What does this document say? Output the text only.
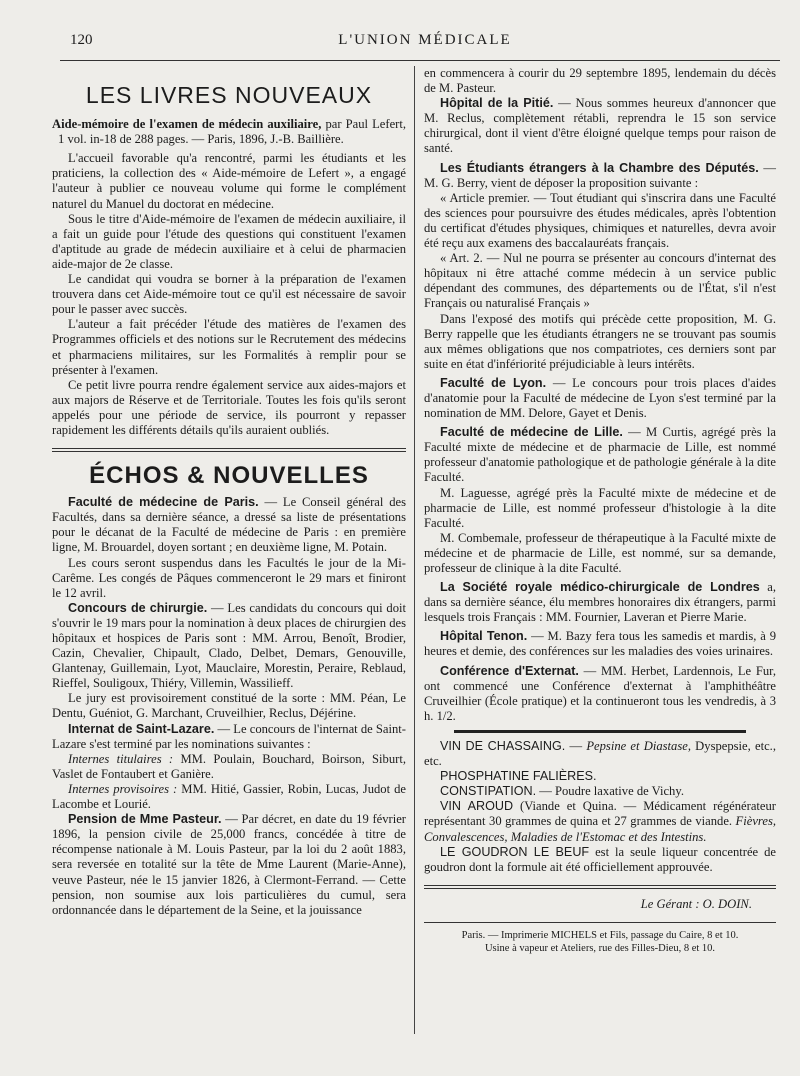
120	L'UNION MÉDICALE
LES LIVRES NOUVEAUX

Aide-mémoire de l'examen de médecin auxiliaire, par Paul Lefert, 1 vol. in-18 de 288 pages. — Paris, 1896, J.-B. Baillière.

L'accueil favorable qu'a rencontré, parmi les étudiants et les praticiens, la collection des « Aide-mémoire de Lefert », a engagé l'auteur à publier ce nouveau volume qui forme le complément naturel du Manuel du doctorat en médecine.

Sous le titre d'Aide-mémoire de l'examen de médecin auxiliaire, il a fait un guide pour l'étude des questions qui constituent l'examen d'aptitude au grade de médecin auxiliaire et à celui de pharmacien aide-major de 2e classe.

Le candidat qui voudra se borner à la préparation de l'examen trouvera dans cet Aide-mémoire tout ce qu'il est nécessaire de savoir pour le passer avec succès.

L'auteur a fait précéder l'étude des matières de l'examen des Programmes officiels et des notions sur le Recrutement des médecins et pharmaciens militaires, sur les Formalités à remplir pour se présenter à l'examen.

Ce petit livre pourra rendre également service aux aides-majors et aux majors de Réserve et de Territoriale. Toutes les fois qu'ils seront appelés pour une période de service, ils pourront y repasser rapidement les différents détails qu'ils auraient oubliés.

ÉCHOS & NOUVELLES

Faculté de médecine de Paris. — Le Conseil général des Facultés, dans sa dernière séance, a dressé sa liste de présentations pour le décanat de la Faculté de médecine de Paris : en première ligne, M. Brouardel, doyen sortant ; en deuxième ligne, M. Potain.

Les cours seront suspendus dans les Facultés le jour de la Mi-Carême. Les congés de Pâques commenceront le 29 mars et finiront le 12 avril.

Concours de chirurgie. — Les candidats du concours qui doit s'ouvrir le 19 mars pour la nomination à deux places de chirurgien des hôpitaux et hospices de Paris sont : MM. Arrou, Benoît, Brodier, Cazin, Chevalier, Chipault, Clado, Delbet, Demars, Genouville, Glantenay, Guillemain, Lyot, Mauclaire, Morestin, Peraire, Reblaud, Rieffel, Souligoux, Thiéry, Villemin, Wassilieff.

Le jury est provisoirement constitué de la sorte : MM. Péan, Le Dentu, Guéniot, G. Marchant, Cruveilhier, Reclus, Déjérine.

Internat de Saint-Lazare. — Le concours de l'internat de Saint-Lazare s'est terminé par les nominations suivantes :

Internes titulaires : MM. Poulain, Bouchard, Boirson, Siburt, Vaslet de Fontaubert et Ganière.

Internes provisoires : MM. Hitié, Gassier, Robin, Lucas, Judot de Lacombe et Lourié.

Pension de Mme Pasteur. — Par décret, en date du 19 février 1896, la pension civile de 25,000 francs, concédée à titre de récompense nationale à M. Louis Pasteur, par la loi du 2 août 1883, sera reversée en totalité sur la tête de Mme Laurent (Marie-Anne), veuve Pasteur, née le 15 janvier 1826, à Clermont-Ferrand. — Cette pension, non soumise aux lois particulières du cumul, sera ordonnancée dans le département de la Seine, et la jouissance

en commencera à courir du 29 septembre 1895, lendemain du décès de M. Pasteur.

Hôpital de la Pitié. — Nous sommes heureux d'annoncer que M. Reclus, complètement rétabli, reprendra le 15 son service chirurgical, dont il vient d'être éloigné quelque temps pour raison de santé.

Les Étudiants étrangers à la Chambre des Députés. — M. G. Berry, vient de déposer la proposition suivante :

« Article premier. — Tout étudiant qui s'inscrira dans une Faculté des sciences pour poursuivre des études médicales, après l'obtention du certificat d'études physiques, chimiques et naturelles, devra avoir été reçu aux examens des baccalauréats français.

« Art. 2. — Nul ne pourra se présenter au concours d'internat des hôpitaux ni être attaché comme médecin à un service public dépendant des communes, des départements ou de l'État, s'il n'est Français ou naturalisé Français »

Dans l'exposé des motifs qui précède cette proposition, M. G. Berry rappelle que les étudiants étrangers ne se trouvant pas soumis aux mêmes obligations que nos compatriotes, ces derniers sont par suite en état d'infériorité préjudiciable à leurs intérêts.

Faculté de Lyon. — Le concours pour trois places d'aides d'anatomie pour la Faculté de médecine de Lyon s'est terminé par la nomination de MM. Delore, Gayet et Denis.

Faculté de médecine de Lille. — M Curtis, agrégé près la Faculté mixte de médecine et de pharmacie de Lille, est nommé professeur d'anatomie pathologique et de pathologie générale à la dite Faculté.

M. Laguesse, agrégé près la Faculté mixte de médecine et de pharmacie de Lille, est nommé professeur d'histologie à la dite Faculté.

M. Combemale, professeur de thérapeutique à la Faculté mixte de médecine et de pharmacie de Lille, est nommé, sur sa demande, professeur de clinique à la dite Faculté.

La Société royale médico-chirurgicale de Londres a, dans sa dernière séance, élu membres honoraires dix étrangers, parmi lesquels trois Français : MM. Fournier, Laveran et Pierre Marie.

Hôpital Tenon. — M. Bazy fera tous les samedis et mardis, à 9 heures et demie, des conférences sur les maladies des voies urinaires.

Conférence d'Externat. — MM. Herbet, Lardennois, Le Fur, ont commencé une Conférence d'externat à l'amphithéâtre Cruveilhier (École pratique) et la continueront tous les vendredis, à 3 h. 1/2.

VIN DE CHASSAING. — Pepsine et Diastase, Dyspepsie, etc., etc.

PHOSPHATINE FALIÈRES.

CONSTIPATION. — Poudre laxative de Vichy.

VIN AROUD (Viande et Quina. — Médicament régénérateur représentant 30 grammes de quina et 27 grammes de viande. Fièvres, Convalescences, Maladies de l'Estomac et des Intestins.

LE GOUDRON LE BEUF est la seule liqueur concentrée de goudron dont la formule ait été officiellement approuvée.

Le Gérant : O. DOIN.
Paris. — Imprimerie MICHELS et Fils, passage du Caire, 8 et 10.
Usine à vapeur et Ateliers, rue des Filles-Dieu, 8 et 10.
